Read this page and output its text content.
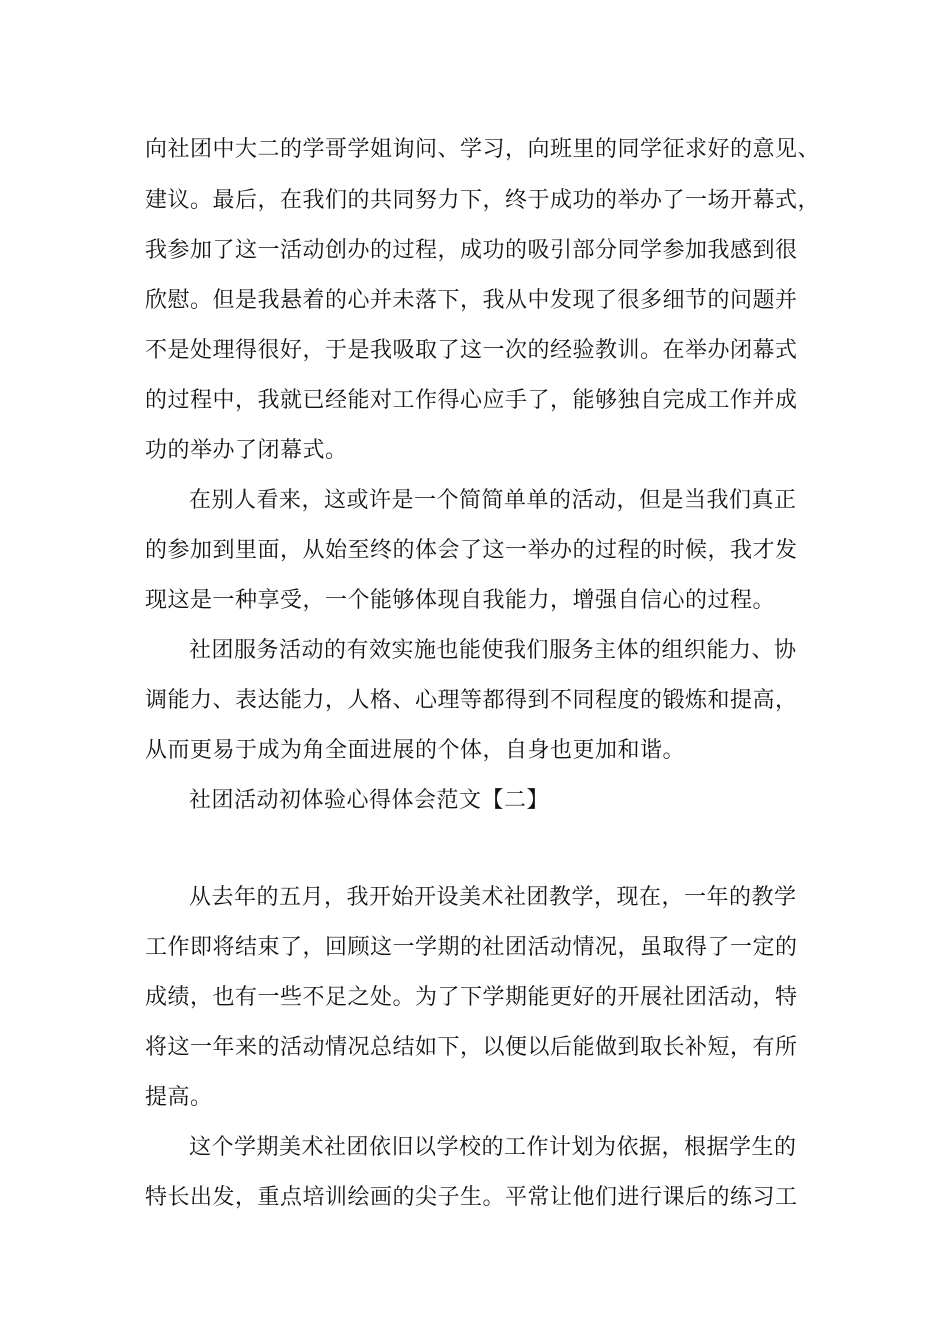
向社团中大二的学哥学姐询问、学习，向班里的同学征求好的意见、
建议。最后，在我们的共同努力下，终于成功的举办了一场开幕式，
我参加了这一活动创办的过程，成功的吸引部分同学参加我感到很
欣慰。但是我悬着的心并未落下，我从中发现了很多细节的问题并
不是处理得很好，于是我吸取了这一次的经验教训。在举办闭幕式
的过程中，我就已经能对工作得心应手了，能够独自完成工作并成
功的举办了闭幕式。
在别人看来，这或许是一个简简单单的活动，但是当我们真正
的参加到里面，从始至终的体会了这一举办的过程的时候，我才发
现这是一种享受，一个能够体现自我能力，增强自信心的过程。
社团服务活动的有效实施也能使我们服务主体的组织能力、协
调能力、表达能力，人格、心理等都得到不同程度的锻炼和提高，
从而更易于成为角全面进展的个体，自身也更加和谐。
社团活动初体验心得体会范文【二】
从去年的五月，我开始开设美术社团教学，现在，一年的教学
工作即将结束了，回顾这一学期的社团活动情况，虽取得了一定的
成绩，也有一些不足之处。为了下学期能更好的开展社团活动，特
将这一年来的活动情况总结如下，以便以后能做到取长补短，有所
提高。
这个学期美术社团依旧以学校的工作计划为依据，根据学生的
特长出发，重点培训绘画的尖子生。平常让他们进行课后的练习工
